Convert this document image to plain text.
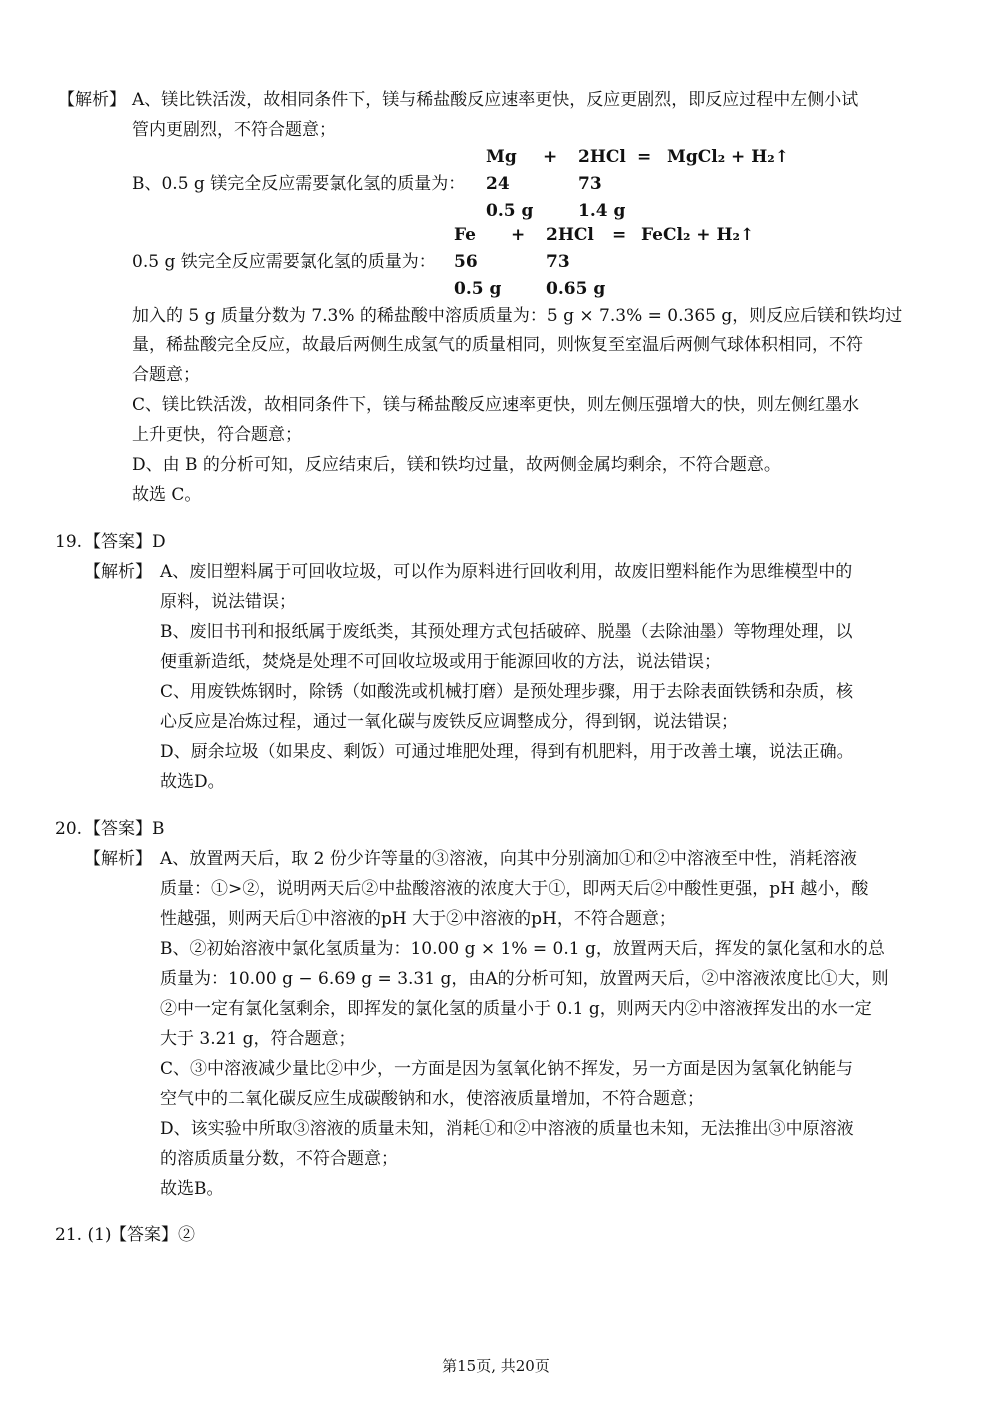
【解析】 A、镁比铁活泼，故相同条件下，镁与稀盐酸反应速率更快，反应更剧烈，即反应过程中左侧小试
管内更剧烈，不符合题意；
Mg + 2HCl = MgCl₂ + H₂↑
B、0.5 g 镁完全反应需要氯化氢的质量为： 24	73
0.5 g	1.4 g
Fe + 2HCl = FeCl₂ + H₂↑
0.5 g 铁完全反应需要氯化氢的质量为： 56	73
0.5 g	0.65 g
加入的 5 g 质量分数为 7.3% 的稀盐酸中溶质质量为：5 g × 7.3% = 0.365 g，则反应后镁和铁均过
量，稀盐酸完全反应，故最后两侧生成氢气的质量相同，则恢复至室温后两侧气球体积相同，不符
合题意；
C、镁比铁活泼，故相同条件下，镁与稀盐酸反应速率更快，则左侧压强增大的快，则左侧红墨水
上升更快，符合题意；
D、由 B 的分析可知，反应结束后，镁和铁均过量，故两侧金属均剩余，不符合题意。
故选 C。
19. 【答案】D
【解析】 A、废旧塑料属于可回收垃圾，可以作为原料进行回收利用，故废旧塑料能作为思维模型中的
原料，说法错误；
B、废旧书刊和报纸属于废纸类，其预处理方式包括破碎、脱墨（去除油墨）等物理处理，以
便重新造纸，焚烧是处理不可回收垃圾或用于能源回收的方法，说法错误；
C、用废铁炼钢时，除锈（如酸洗或机械打磨）是预处理步骤，用于去除表面铁锈和杂质，核
心反应是冶炼过程，通过一氧化碳与废铁反应调整成分，得到钢，说法错误；
D、厨余垃圾（如果皮、剩饭）可通过堆肥处理，得到有机肥料，用于改善土壤，说法正确。
故选D。
20. 【答案】B
【解析】 A、放置两天后，取 2 份少许等量的③溶液，向其中分别滴加①和②中溶液至中性，消耗溶液
质量：①>②，说明两天后②中盐酸溶液的浓度大于①，即两天后②中酸性更强，pH 越小，酸
性越强，则两天后①中溶液的pH 大于②中溶液的pH，不符合题意；
B、②初始溶液中氯化氢质量为：10.00 g × 1% = 0.1 g，放置两天后，挥发的氯化氢和水的总
质量为：10.00 g − 6.69 g = 3.31 g，由A的分析可知，放置两天后，②中溶液浓度比①大，则
②中一定有氯化氢剩余，即挥发的氯化氢的质量小于 0.1 g，则两天内②中溶液挥发出的水一定
大于 3.21 g，符合题意；
C、③中溶液减少量比②中少，一方面是因为氢氧化钠不挥发，另一方面是因为氢氧化钠能与
空气中的二氧化碳反应生成碳酸钠和水，使溶液质量增加，不符合题意；
D、该实验中所取③溶液的质量未知，消耗①和②中溶液的质量也未知，无法推出③中原溶液
的溶质质量分数，不符合题意；
故选B。
21. (1)
【答案】②
第15页, 共20页
